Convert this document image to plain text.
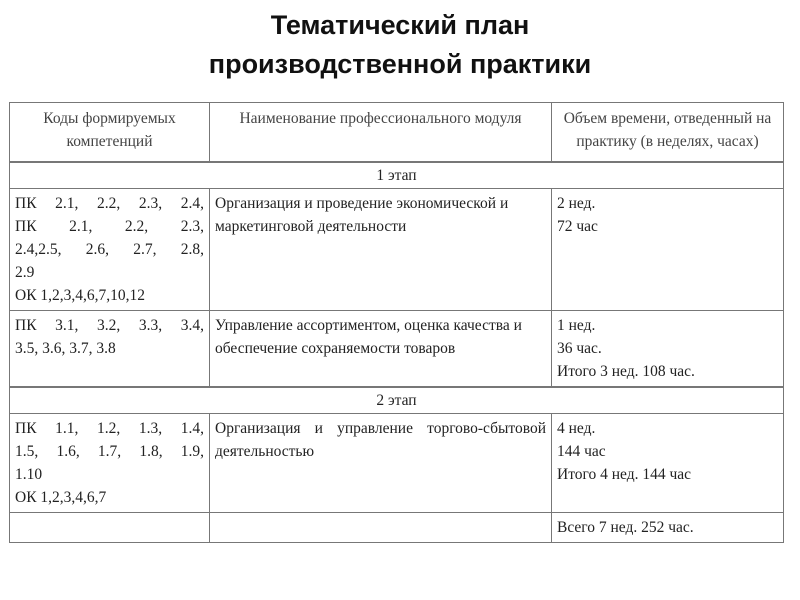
Тематический план
производственной практики
Коды формируемых компетенций	Наименование профессионального модуля	Объем времени, отведенный на практику (в неделях, часах)
1 этап		

ПК 2.1, 2.2, 2.3, 2.4,
ПК 2.1, 2.2, 2.3,
2.4,2.5, 2.6, 2.7, 2.8,
2.9
ОК 1,2,3,4,6,7,10,12	Организация и проведение экономической и маркетинговой деятельности	2 нед.
72 час

ПК 3.1, 3.2, 3.3, 3.4,
3.5, 3.6, 3.7, 3.8	Управление ассортиментом, оценка качества и обеспечение сохраняемости товаров	1 нед.
36 час.
Итого 3 нед. 108 час.

2 этап		

ПК 1.1, 1.2, 1.3, 1.4,
1.5, 1.6, 1.7, 1.8, 1.9,
1.10
ОК 1,2,3,4,6,7	Организация и управление торгово-сбытовой деятельностью	4 нед.
144 час
Итого 4 нед. 144 час

		Всего 7 нед. 252 час.
